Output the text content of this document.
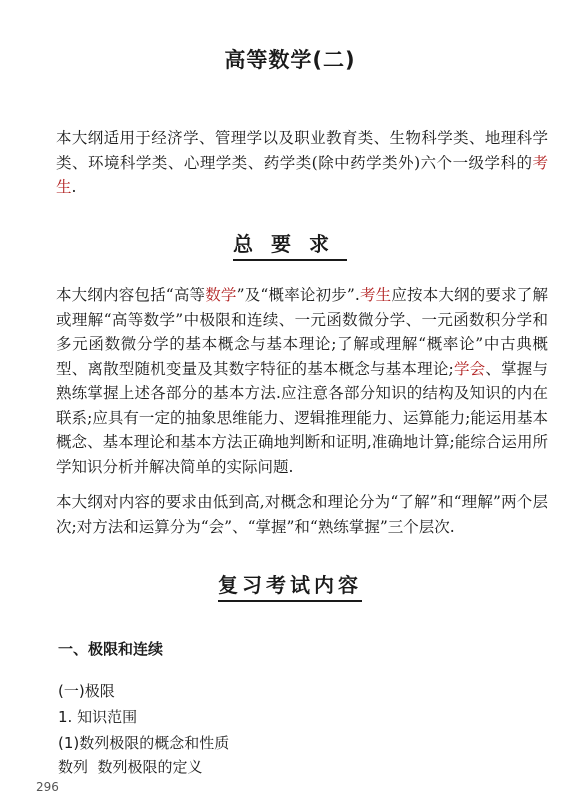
高等数学(二)
本大纲适用于经济学、管理学以及职业教育类、生物科学类、地理科学类、环境科学类、心理学类、药学类(除中药学类外)六个一级学科的考生.
总要求
本大纲内容包括“高等数学”及“概率论初步”.考生应按本大纲的要求了解或理解“高等数学”中极限和连续、一元函数微分学、一元函数积分学和多元函数微分学的基本概念与基本理论;了解或理解“概率论”中古典概型、离散型随机变量及其数字特征的基本概念与基本理论;学会、掌握与熟练掌握上述各部分的基本方法.应注意各部分知识的结构及知识的内在联系;应具有一定的抽象思维能力、逻辑推理能力、运算能力;能运用基本概念、基本理论和基本方法正确地判断和证明,准确地计算;能综合运用所学知识分析并解决简单的实际问题.
本大纲对内容的要求由低到高,对概念和理论分为“了解”和“理解”两个层次;对方法和运算分为“会”、“掌握”和“熟练掌握”三个层次.
复习考试内容
一、极限和连续
(一)极限
1. 知识范围
(1)数列极限的概念和性质
数列  数列极限的定义
296
